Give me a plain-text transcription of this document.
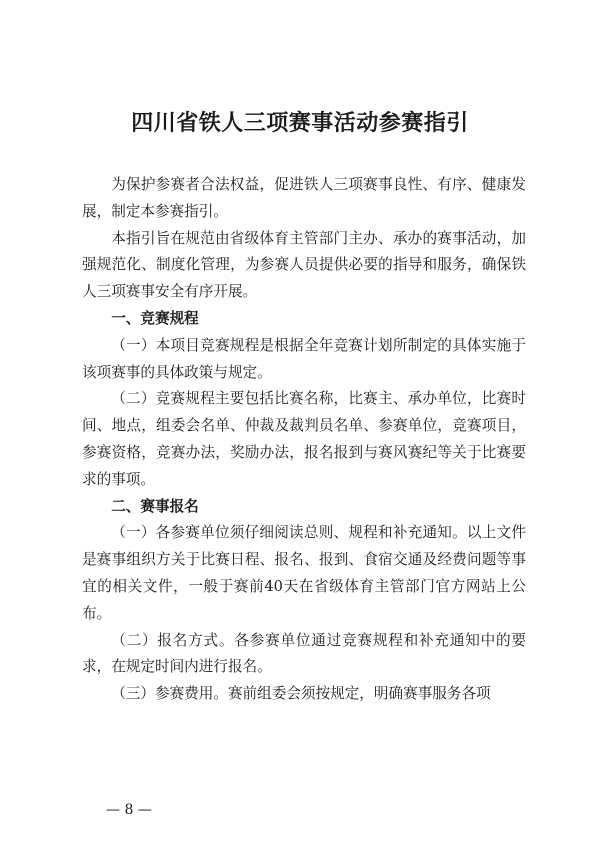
四川省铁人三项赛事活动参赛指引

为保护参赛者合法权益，促进铁人三项赛事良性、有序、健康发展，制定本参赛指引。

本指引旨在规范由省级体育主管部门主办、承办的赛事活动，加强规范化、制度化管理，为参赛人员提供必要的指导和服务，确保铁人三项赛事安全有序开展。

一、竞赛规程

（一）本项目竞赛规程是根据全年竞赛计划所制定的具体实施于该项赛事的具体政策与规定。

（二）竞赛规程主要包括比赛名称，比赛主、承办单位，比赛时间、地点，组委会名单、仲裁及裁判员名单、参赛单位，竞赛项目，参赛资格，竞赛办法，奖励办法，报名报到与赛风赛纪等关于比赛要求的事项。

二、赛事报名

（一）各参赛单位须仔细阅读总则、规程和补充通知。以上文件是赛事组织方关于比赛日程、报名、报到、食宿交通及经费问题等事宜的相关文件，一般于赛前40天在省级体育主管部门官方网站上公布。

（二）报名方式。各参赛单位通过竞赛规程和补充通知中的要求，在规定时间内进行报名。

（三）参赛费用。赛前组委会须按规定，明确赛事服务各项

— 8 —
